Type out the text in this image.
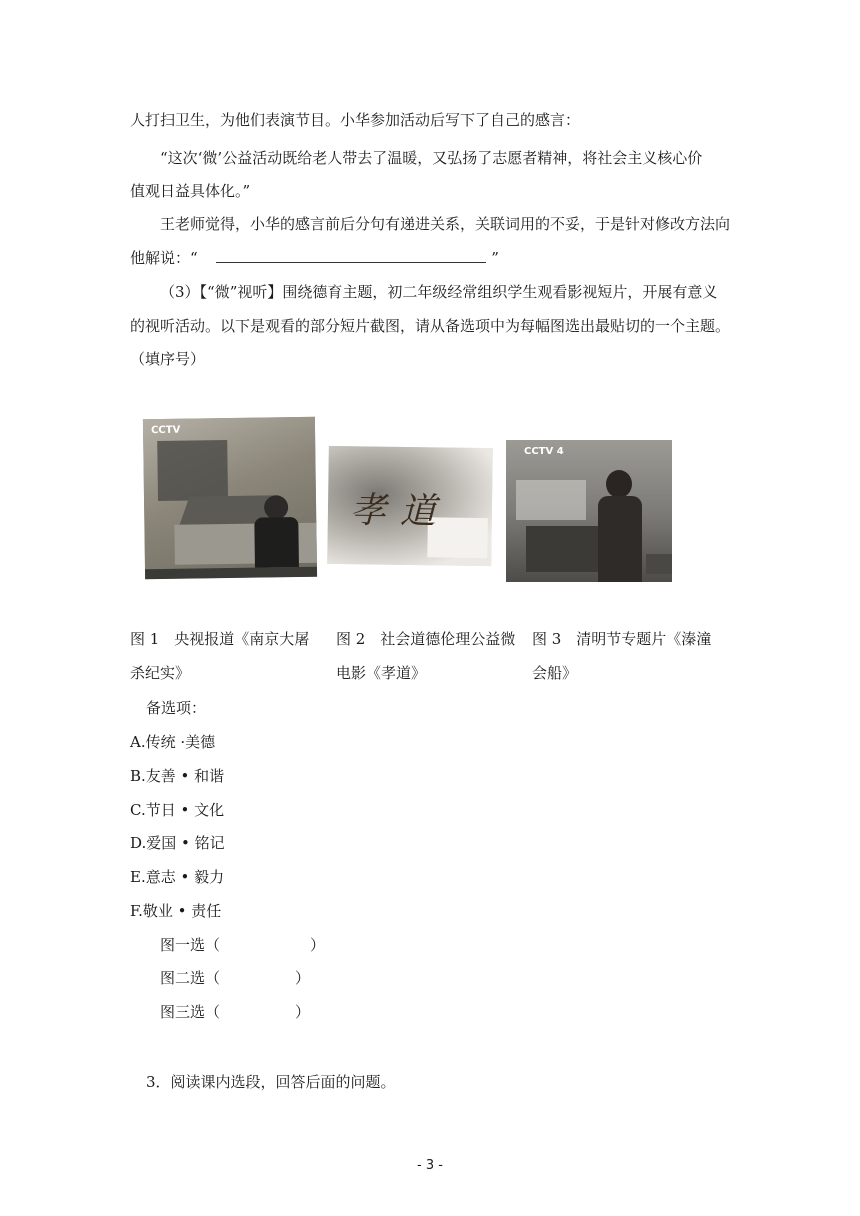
人打扫卫生，为他们表演节目。小华参加活动后写下了自己的感言：
“这次‘微’公益活动既给老人带去了温暖，又弘扬了志愿者精神，将社会主义核心价
值观日益具体化。”
王老师觉得，小华的感言前后分句有递进关系，关联词用的不妥，于是针对修改方法向
他解说：“	”
（3）【“微”视听】围绕德育主题，初二年级经常组织学生观看影视短片，开展有意义
的视听活动。以下是观看的部分短片截图，请从备选项中为每幅图选出最贴切的一个主题。
（填序号）
CCTV
孝道
CCTV 4
图 1　央视报道《南京大屠杀纪实》
图 2　社会道德伦理公益微电影《孝道》
图 3　清明节专题片《溱潼会船》
备选项：
A.传统 ·美德
B.友善 • 和谐
C.节日 • 文化
D.爱国 • 铭记
E.意志 • 毅力
F.敬业 • 责任
图一选（　　　　　　）
图二选（　　　　　）
图三选（　　　　　）
3．阅读课内选段，回答后面的问题。
- 3 -
